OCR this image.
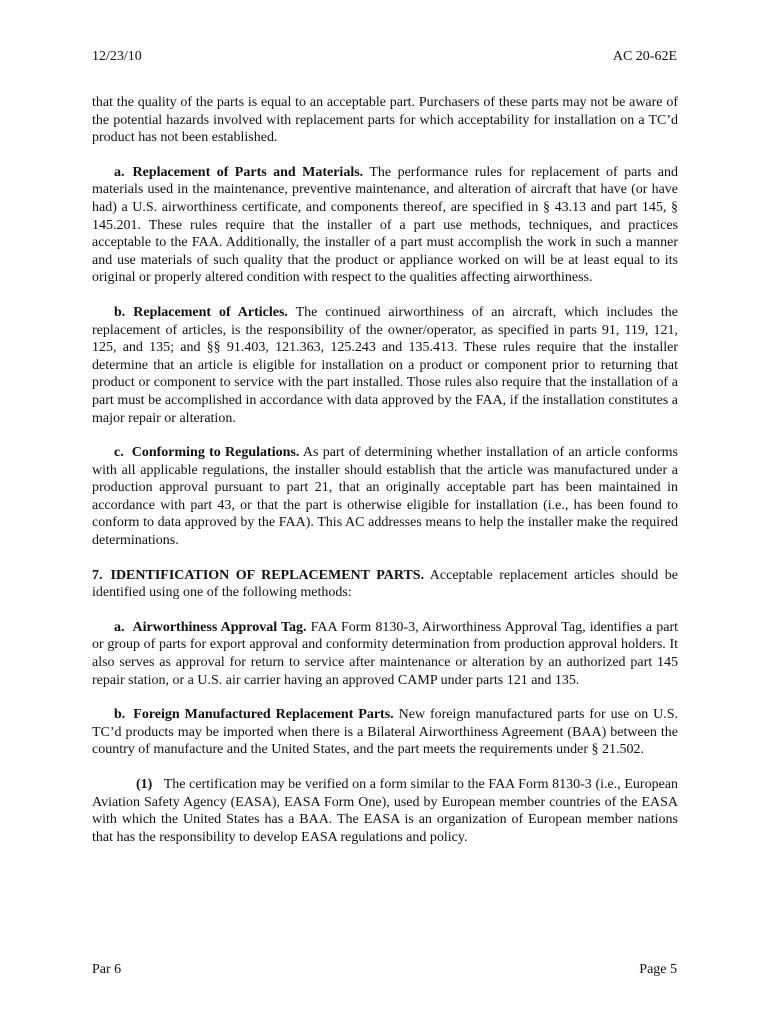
12/23/10	AC 20-62E

that the quality of the parts is equal to an acceptable part. Purchasers of these parts may not be aware of the potential hazards involved with replacement parts for which acceptability for installation on a TC’d product has not been established.

a. Replacement of Parts and Materials. The performance rules for replacement of parts and materials used in the maintenance, preventive maintenance, and alteration of aircraft that have (or have had) a U.S. airworthiness certificate, and components thereof, are specified in § 43.13 and part 145, § 145.201. These rules require that the installer of a part use methods, techniques, and practices acceptable to the FAA. Additionally, the installer of a part must accomplish the work in such a manner and use materials of such quality that the product or appliance worked on will be at least equal to its original or properly altered condition with respect to the qualities affecting airworthiness.

b. Replacement of Articles. The continued airworthiness of an aircraft, which includes the replacement of articles, is the responsibility of the owner/operator, as specified in parts 91, 119, 121, 125, and 135; and §§ 91.403, 121.363, 125.243 and 135.413. These rules require that the installer determine that an article is eligible for installation on a product or component prior to returning that product or component to service with the part installed. Those rules also require that the installation of a part must be accomplished in accordance with data approved by the FAA, if the installation constitutes a major repair or alteration.

c. Conforming to Regulations. As part of determining whether installation of an article conforms with all applicable regulations, the installer should establish that the article was manufactured under a production approval pursuant to part 21, that an originally acceptable part has been maintained in accordance with part 43, or that the part is otherwise eligible for installation (i.e., has been found to conform to data approved by the FAA). This AC addresses means to help the installer make the required determinations.

7. IDENTIFICATION OF REPLACEMENT PARTS. Acceptable replacement articles should be identified using one of the following methods:

a. Airworthiness Approval Tag. FAA Form 8130-3, Airworthiness Approval Tag, identifies a part or group of parts for export approval and conformity determination from production approval holders. It also serves as approval for return to service after maintenance or alteration by an authorized part 145 repair station, or a U.S. air carrier having an approved CAMP under parts 121 and 135.

b. Foreign Manufactured Replacement Parts. New foreign manufactured parts for use on U.S. TC’d products may be imported when there is a Bilateral Airworthiness Agreement (BAA) between the country of manufacture and the United States, and the part meets the requirements under § 21.502.

(1) The certification may be verified on a form similar to the FAA Form 8130-3 (i.e., European Aviation Safety Agency (EASA), EASA Form One), used by European member countries of the EASA with which the United States has a BAA. The EASA is an organization of European member nations that has the responsibility to develop EASA regulations and policy.

Par 6	Page 5
